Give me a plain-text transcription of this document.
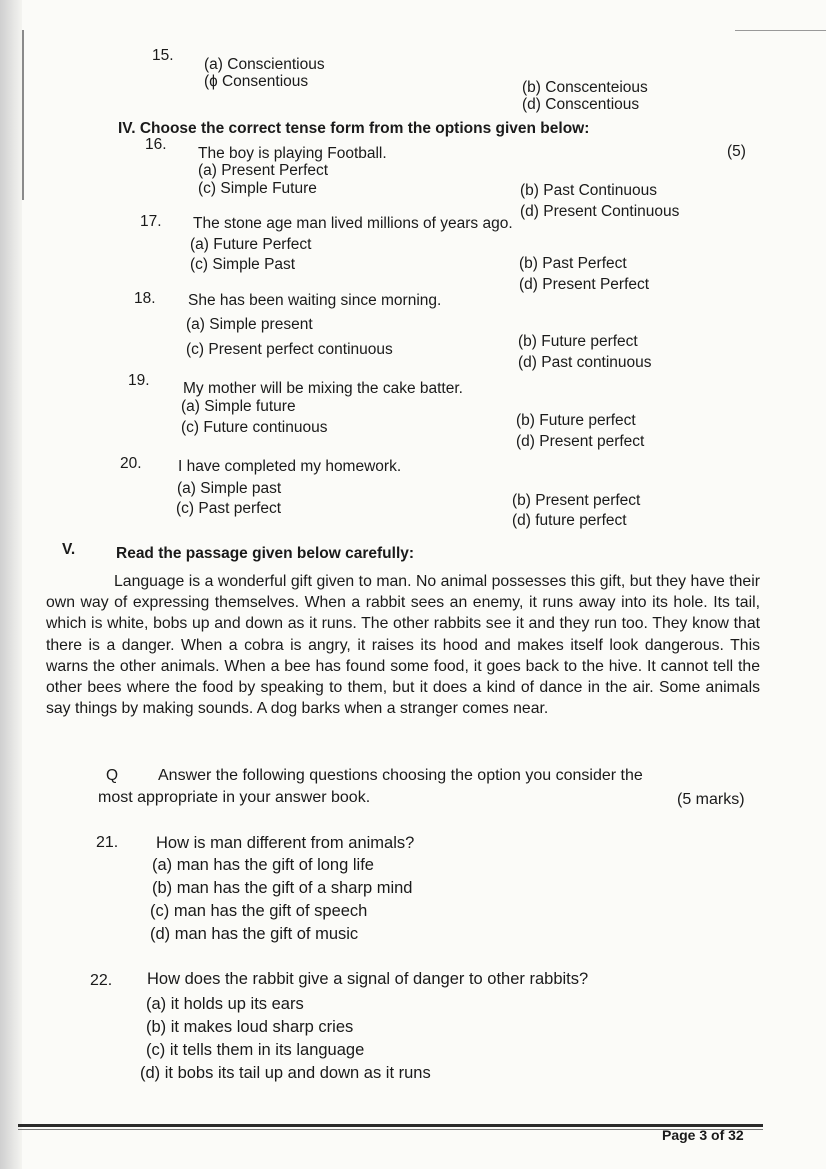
15.
(a) Conscientious
(ɸ Consentious	(b) Conscenteious
(d) Conscentious
IV. Choose the correct tense form from the options given below:
(5)
16.
The boy is playing Football.
(a) Present Perfect
(c) Simple Future	(b) Past Continuous
(d) Present Continuous
17. The stone age man lived millions of years ago.
(a) Future Perfect
(c) Simple Past	(b) Past Perfect
(d) Present Perfect
18. She has been waiting since morning.
(a) Simple present
(c) Present perfect continuous	(b) Future perfect
(d) Past continuous
19. My mother will be mixing the cake batter.
(a) Simple future
(c) Future continuous	(b) Future perfect
(d) Present perfect
20. I have completed my homework.
(a) Simple past
(c) Past perfect	(b) Present perfect
(d) future perfect
V.	Read the passage given below carefully:

Language is a wonderful gift given to man. No animal possesses this gift, but they have their own way of expressing themselves. When a rabbit sees an enemy, it runs away into its hole. Its tail, which is white, bobs up and down as it runs. The other rabbits see it and they run too. They know that there is a danger. When a cobra is angry, it raises its hood and makes itself look dangerous. This warns the other animals. When a bee has found some food, it goes back to the hive. It cannot tell the other bees where the food by speaking to them, but it does a kind of dance in the air. Some animals say things by making sounds. A dog barks when a stranger comes near.

Q Answer the following questions choosing the option you consider the
most appropriate in your answer book.	(5 marks)
21. How is man different from animals?
(a) man has the gift of long life
(b) man has the gift of a sharp mind
(c) man has the gift of speech
(d) man has the gift of music
22. How does the rabbit give a signal of danger to other rabbits?
(a) it holds up its ears
(b) it makes loud sharp cries
(c) it tells them in its language
(d) it bobs its tail up and down as it runs
Page 3 of 32
